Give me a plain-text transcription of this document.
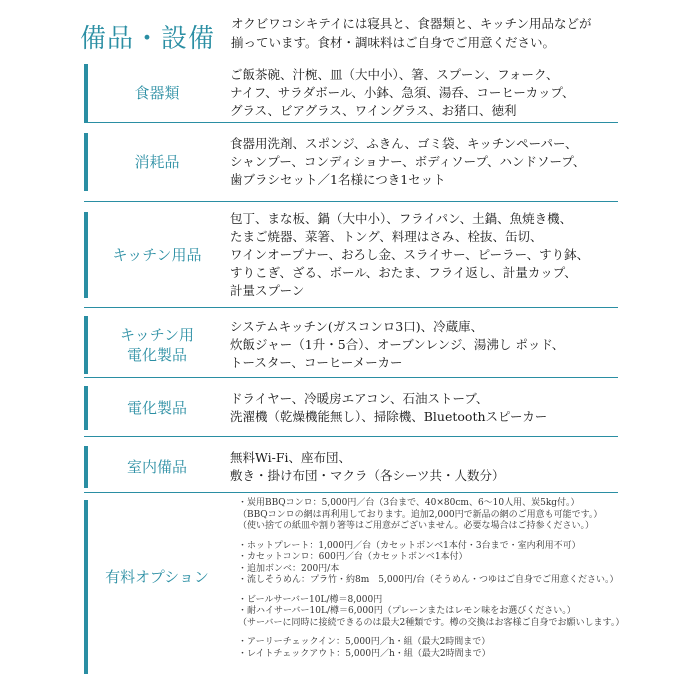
備品・設備
オクビワコシキテイには寝具と、食器類と、キッチン用品などが
揃っています。食材・調味料はご自身でご用意ください。
食器類
ご飯茶碗、汁椀、皿（大中小）、箸、スプーン、フォーク、
ナイフ、サラダボール、小鉢、急須、湯呑、コーヒーカップ、
グラス、ビアグラス、ワイングラス、お猪口、徳利
消耗品
食器用洗剤、スポンジ、ふきん、ゴミ袋、キッチンペーパー、
シャンプー、コンディショナー、ボディソープ、ハンドソープ、
歯ブラシセット／1名様につき1セット
キッチン用品
包丁、まな板、鍋（大中小）、フライパン、土鍋、魚焼き機、
たまご焼器、菜箸、トング、料理はさみ、栓抜、缶切、
ワインオープナー、おろし金、スライサー、ピーラー、すり鉢、
すりこぎ、ざる、ボール、おたま、フライ返し、計量カップ、
計量スプーン
キッチン用
電化製品
システムキッチン(ガスコンロ3口)、冷蔵庫、
炊飯ジャー（1升・5合）、オーブンレンジ、湯沸し ポッド、
トースター、コーヒーメーカー
電化製品
ドライヤー、冷暖房エアコン、石油ストーブ、
洗濯機（乾燥機能無し）、掃除機、Bluetoothスピーカー
室内備品
無料Wi-Fi、座布団、
敷き・掛け布団・マクラ（各シーツ共・人数分）
有料オプション
・炭用BBQコンロ：5,000円／台（3台まで、40×80cm、6〜10人用、炭5kg付。）
（BBQコンロの網は再利用しております。追加2,000円で新品の網のご用意も可能です。）
（使い捨ての紙皿や割り箸等はご用意がございません。必要な場合はご持参ください。）
・ホットプレート：1,000円／台（カセットボンベ1本付・3台まで・室内利用不可）
・カセットコンロ：600円／台（カセットボンベ1本付）
・追加ボンベ：200円/本
・流しそうめん：プラ竹・約8m　5,000円/台（そうめん・つゆはご自身でご用意ください。）
・ビールサーバー10L/樽＝8,000円
・耐ハイサーバー10L/樽＝6,000円（プレーンまたはレモン味をお選びください。）
（サーバーに同時に接続できるのは最大2種類です。樽の交換はお客様ご自身でお願いします。）
・アーリーチェックイン：5,000円／h・組（最大2時間まで）
・レイトチェックアウト：5,000円／h・組（最大2時間まで）
